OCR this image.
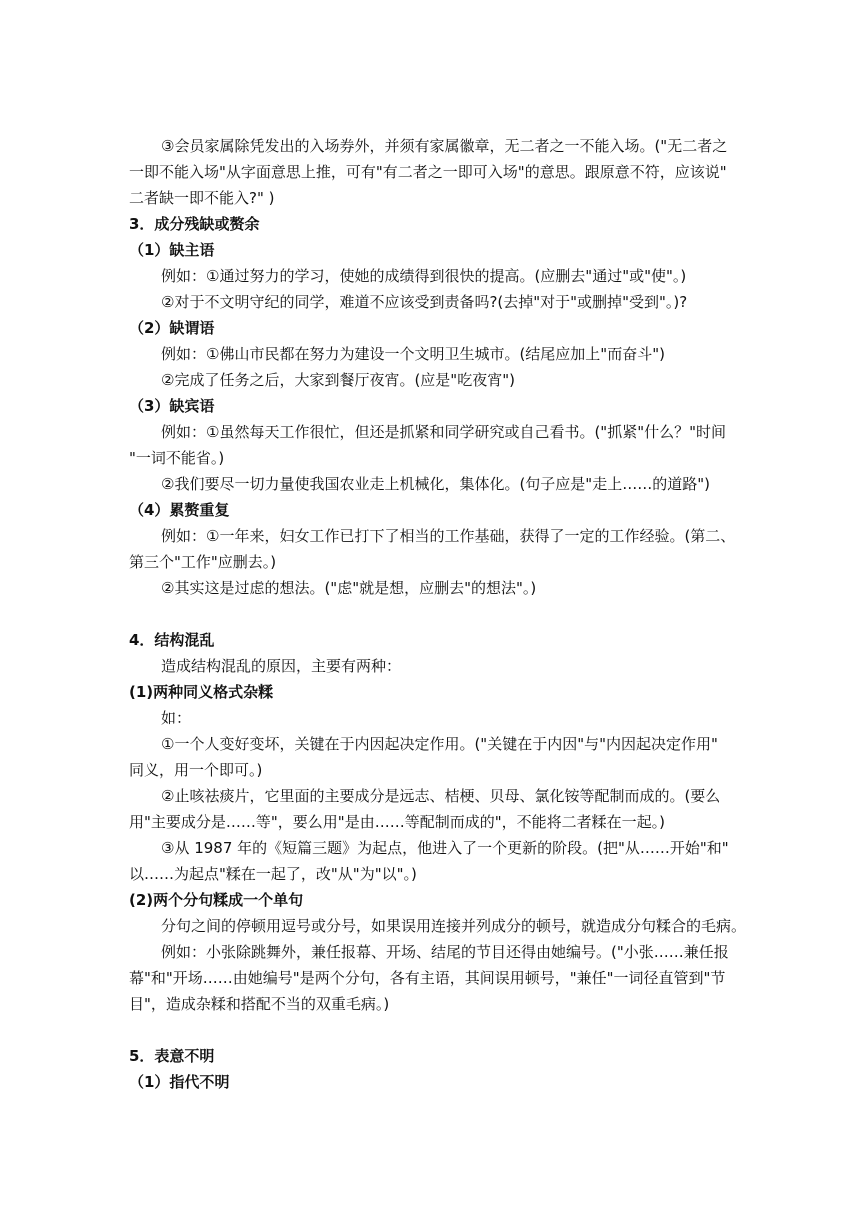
③会员家属除凭发出的入场券外，并须有家属徽章，无二者之一不能入场。("无二者之
一即不能入场"从字面意思上推，可有"有二者之一即可入场"的意思。跟原意不符，应该说"
二者缺一即不能入?" )
3．成分残缺或赘余
（1）缺主语
例如：①通过努力的学习，使她的成绩得到很快的提高。(应删去"通过"或"使"。)
②对于不文明守纪的同学，难道不应该受到责备吗?(去掉"对于"或删掉"受到"。)?
（2）缺谓语
例如：①佛山市民都在努力为建设一个文明卫生城市。(结尾应加上"而奋斗")
②完成了任务之后，大家到餐厅夜宵。(应是"吃夜宵")
（3）缺宾语
例如：①虽然每天工作很忙，但还是抓紧和同学研究或自己看书。("抓紧"什么？"时间
"一词不能省。)
②我们要尽一切力量使我国农业走上机械化，集体化。(句子应是"走上……的道路")
（4）累赘重复
例如：①一年来，妇女工作已打下了相当的工作基础，获得了一定的工作经验。(第二、
第三个"工作"应删去。)
②其实这是过虑的想法。("虑"就是想，应删去"的想法"。)
4．结构混乱
造成结构混乱的原因，主要有两种：
(1)两种同义格式杂糅
如：
①一个人变好变坏，关键在于内因起决定作用。("关键在于内因"与"内因起决定作用"
同义，用一个即可。)
②止咳祛痰片，它里面的主要成分是远志、桔梗、贝母、氯化铵等配制而成的。(要么
用"主要成分是……等"，要么用"是由……等配制而成的"，不能将二者糅在一起。)
③从 1987 年的《短篇三题》为起点，他进入了一个更新的阶段。(把"从……开始"和"
以……为起点"糅在一起了，改"从"为"以"。)
(2)两个分句糅成一个单句
分句之间的停顿用逗号或分号，如果误用连接并列成分的顿号，就造成分句糅合的毛病。
例如：小张除跳舞外，兼任报幕、开场、结尾的节目还得由她编号。("小张……兼任报
幕"和"开场……由她编号"是两个分句，各有主语，其间误用顿号，"兼任"一词径直管到"节
目"，造成杂糅和搭配不当的双重毛病。)
5．表意不明
（1）指代不明
